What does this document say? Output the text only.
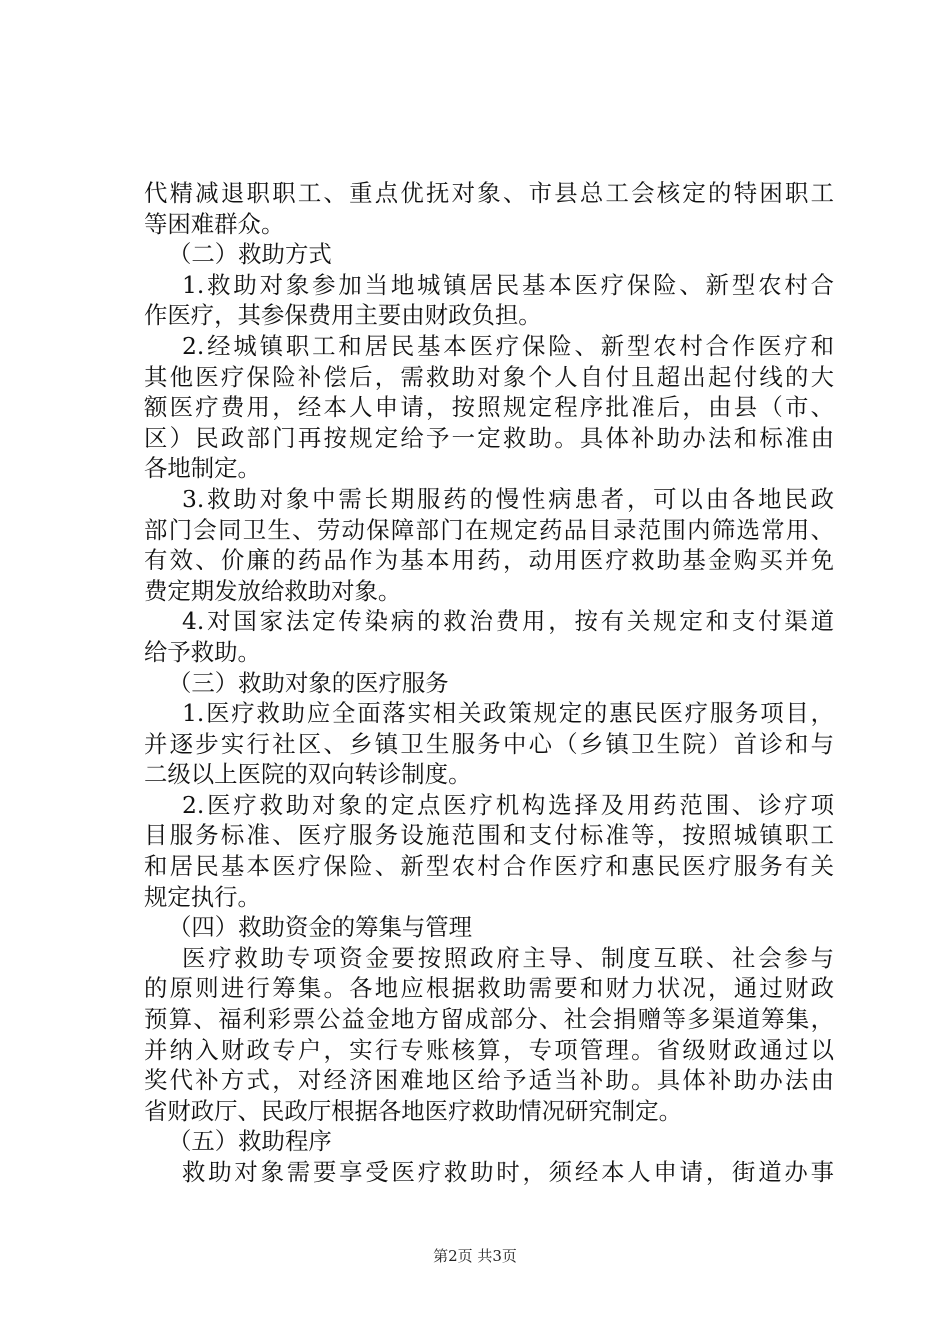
代精减退职职工、重点优抚对象、市县总工会核定的特困职工
等困难群众。
（二）救助方式
1.救助对象参加当地城镇居民基本医疗保险、新型农村合
作医疗，其参保费用主要由财政负担。
2.经城镇职工和居民基本医疗保险、新型农村合作医疗和
其他医疗保险补偿后，需救助对象个人自付且超出起付线的大
额医疗费用，经本人申请，按照规定程序批准后，由县（市、
区）民政部门再按规定给予一定救助。具体补助办法和标准由
各地制定。
3.救助对象中需长期服药的慢性病患者，可以由各地民政
部门会同卫生、劳动保障部门在规定药品目录范围内筛选常用、
有效、价廉的药品作为基本用药，动用医疗救助基金购买并免
费定期发放给救助对象。
4.对国家法定传染病的救治费用，按有关规定和支付渠道
给予救助。
（三）救助对象的医疗服务
1.医疗救助应全面落实相关政策规定的惠民医疗服务项目，
并逐步实行社区、乡镇卫生服务中心（乡镇卫生院）首诊和与
二级以上医院的双向转诊制度。
2.医疗救助对象的定点医疗机构选择及用药范围、诊疗项
目服务标准、医疗服务设施范围和支付标准等，按照城镇职工
和居民基本医疗保险、新型农村合作医疗和惠民医疗服务有关
规定执行。
（四）救助资金的筹集与管理
医疗救助专项资金要按照政府主导、制度互联、社会参与
的原则进行筹集。各地应根据救助需要和财力状况，通过财政
预算、福利彩票公益金地方留成部分、社会捐赠等多渠道筹集，
并纳入财政专户，实行专账核算，专项管理。省级财政通过以
奖代补方式，对经济困难地区给予适当补助。具体补助办法由
省财政厅、民政厅根据各地医疗救助情况研究制定。
（五）救助程序
救助对象需要享受医疗救助时，须经本人申请，街道办事
第2页 共3页
